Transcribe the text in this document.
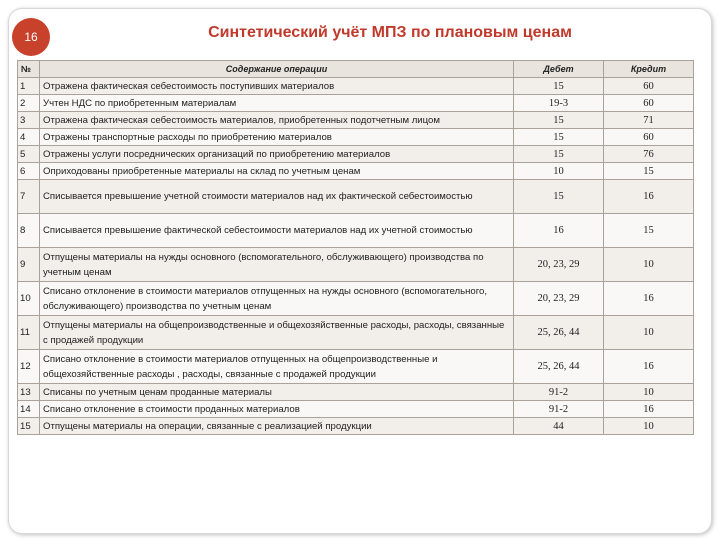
16	Синтетический учёт МПЗ по плановым ценам
№	Содержание операции	Дебет	Кредит
1	Отражена фактическая себестоимость поступивших материалов	15	60
2	Учтен НДС по приобретенным материалам	19-3	60
3	Отражена фактическая себестоимость материалов, приобретенных подотчетным лицом	15	71
4	Отражены транспортные расходы по приобретению материалов	15	60
5	Отражены услуги посреднических организаций по приобретению материалов	15	76
6	Оприходованы приобретенные материалы на склад по учетным ценам	10	15
7	Списывается превышение учетной стоимости материалов над их фактической себестоимостью	15	16
8	Списывается превышение фактической себестоимости материалов над их учетной стоимостью	16	15
9	Отпущены материалы на нужды основного (вспомогательного, обслуживающего) производства по учетным ценам	20, 23, 29	10
10	Списано отклонение в стоимости материалов отпущенных на нужды основного (вспомогательного, обслуживающего) производства по учетным ценам	20, 23, 29	16
11	Отпущены материалы на общепроизводственные и общехозяйственные расходы, расходы, связанные с продажей продукции	25, 26, 44	10
12	Списано отклонение в стоимости материалов отпущенных на общепроизводственные и общехозяйственные расходы , расходы, связанные с продажей продукции	25, 26, 44	16
13	Списаны по учетным ценам проданные материалы	91-2	10
14	Списано отклонение в стоимости проданных материалов	91-2	16
15	Отпущены материалы на операции, связанные с реализацией продукции	44	10
